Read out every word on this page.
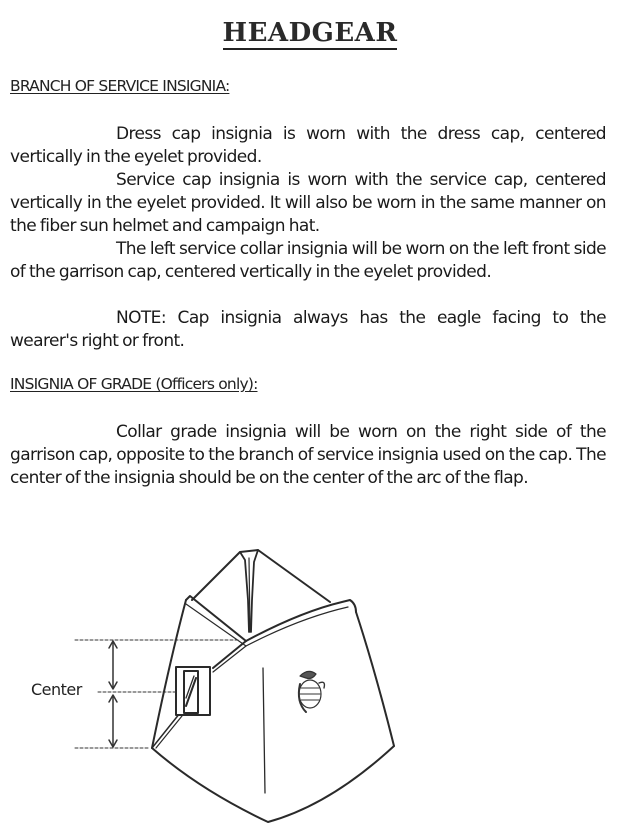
HEADGEAR
BRANCH OF SERVICE INSIGNIA:
Dress cap insignia is worn with the dress cap, centered vertically in the eyelet provided.
Service cap insignia is worn with the service cap, centered vertically in the eyelet provided. It will also be worn in the same manner on the fiber sun helmet and campaign hat.
The left service collar insignia will be worn on the left front side of the garrison cap, centered vertically in the eyelet provided.
NOTE: Cap insignia always has the eagle facing to the wearer's right or front.
INSIGNIA OF GRADE (Officers only):
Collar grade insignia will be worn on the right side of the garrison cap, opposite to the branch of service insignia used on the cap. The center of the insignia should be on the center of the arc of the flap.
Center
